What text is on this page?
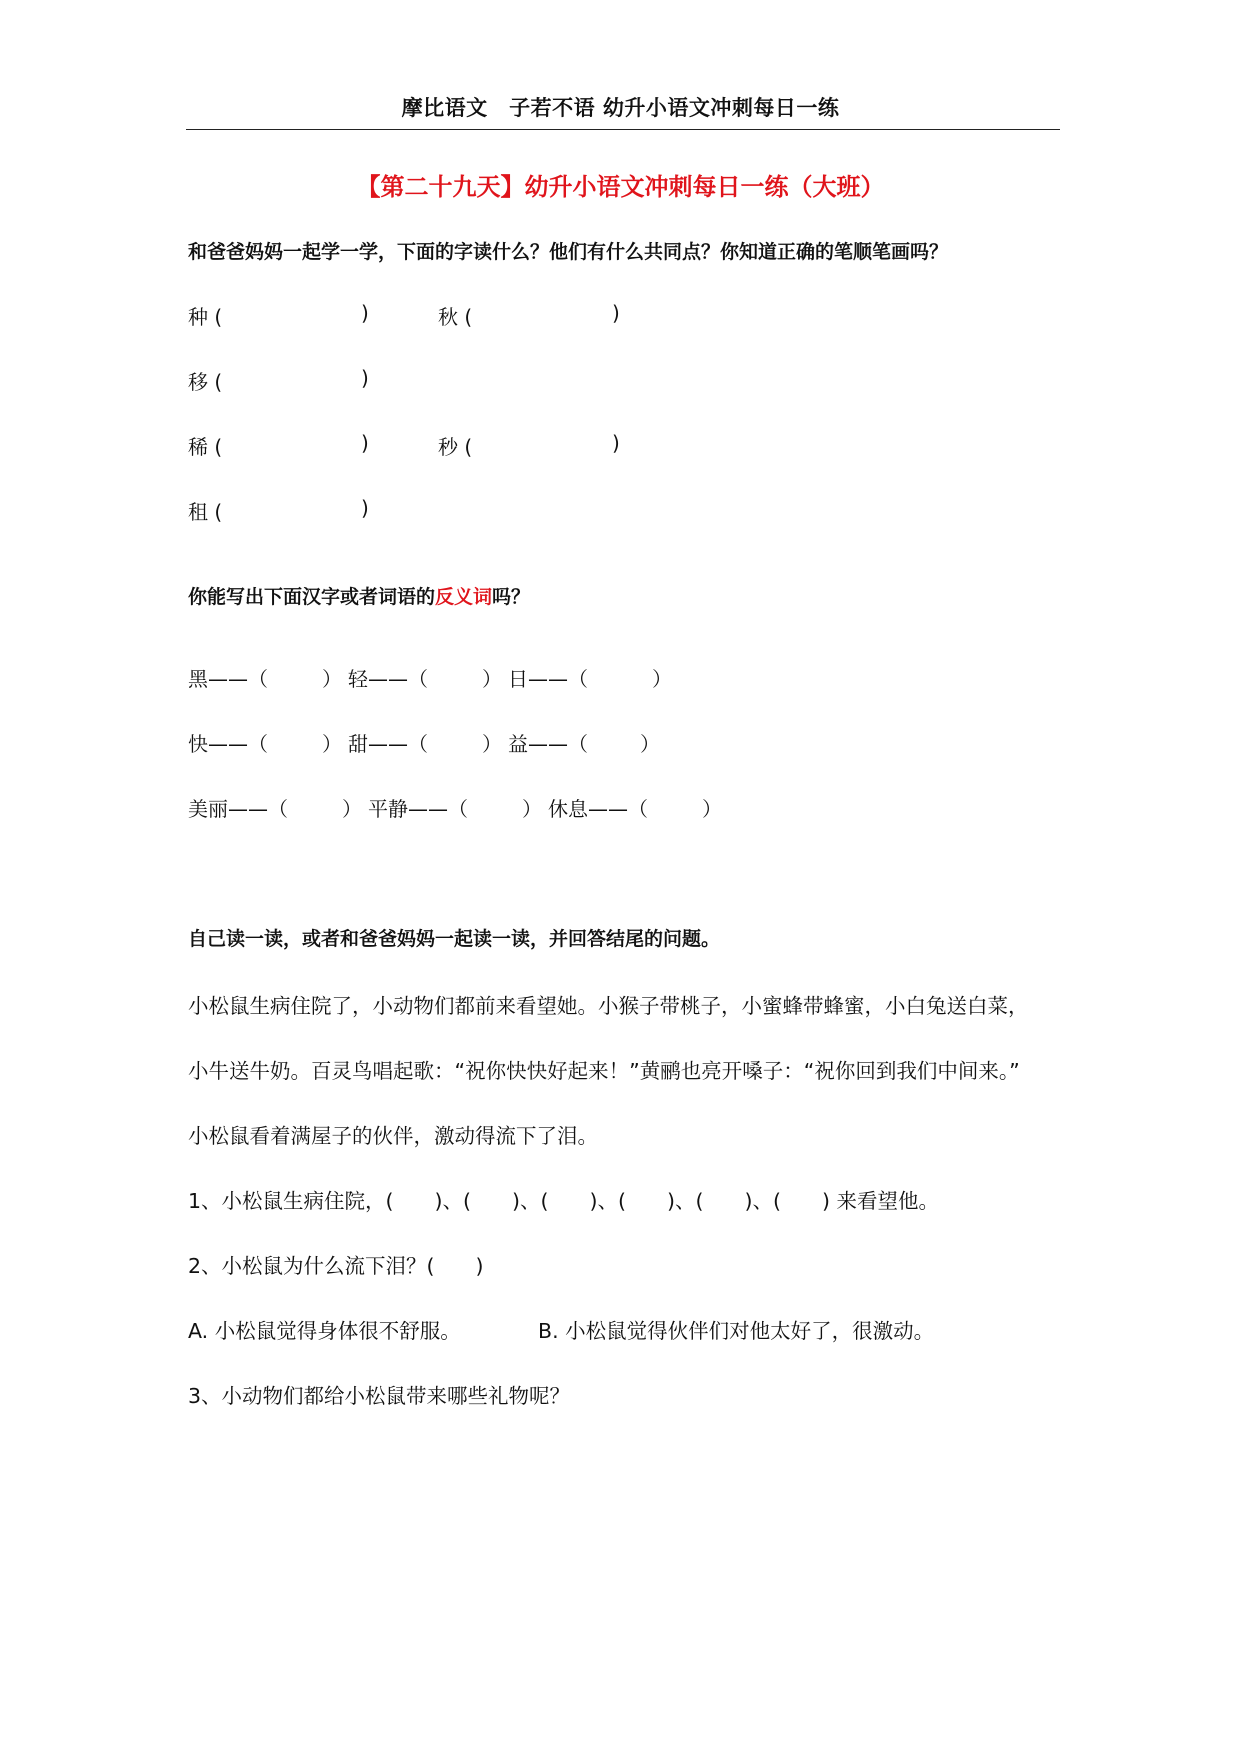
摩比语文　子若不语 幼升小语文冲刺每日一练
【第二十九天】幼升小语文冲刺每日一练（大班）
和爸爸妈妈一起学一学，下面的字读什么？他们有什么共同点？你知道正确的笔顺笔画吗？
种 (	)	秋 (	)
移 (	)
稀 (	)	秒 (	)
租 (	)
你能写出下面汉字或者词语的反义词吗？
黑——（	） 轻——（	） 日——（	）
快——（	） 甜——（	） 益——（	）
美丽——（	） 平静——（	） 休息——（	）
自己读一读，或者和爸爸妈妈一起读一读，并回答结尾的问题。
小松鼠生病住院了，小动物们都前来看望她。小猴子带桃子，小蜜蜂带蜂蜜，小白兔送白菜，
小牛送牛奶。百灵鸟唱起歌：“祝你快快好起来！”黄鹂也亮开嗓子：“祝你回到我们中间来。”
小松鼠看着满屋子的伙伴，激动得流下了泪。
1、小松鼠生病住院，(　　)、(　　)、(　　)、(　　)、(　　)、(　　) 来看望他。
2、小松鼠为什么流下泪？(　　)
A. 小松鼠觉得身体很不舒服。	B. 小松鼠觉得伙伴们对他太好了，很激动。
3、小动物们都给小松鼠带来哪些礼物呢？
